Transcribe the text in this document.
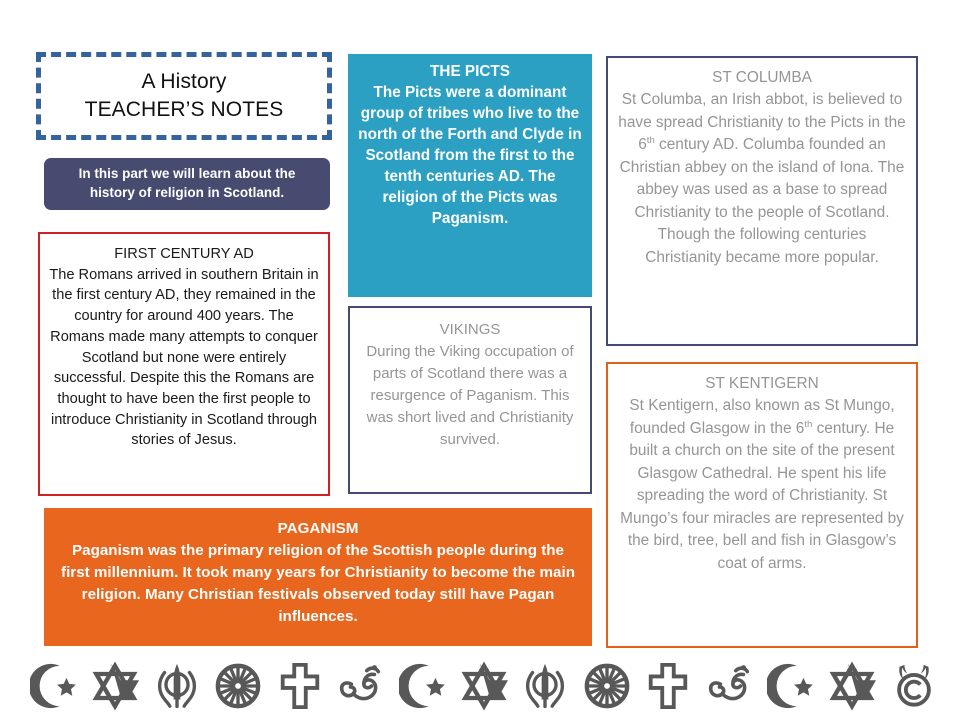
A History
TEACHER’S NOTES
In this part we will learn about the history of religion in Scotland.
FIRST CENTURY AD
The Romans arrived in southern Britain in the first century AD, they remained in the country for around 400 years. The Romans made many attempts to conquer Scotland but none were entirely successful. Despite this the Romans are thought to have been the first people to introduce Christianity in Scotland through stories of Jesus.
THE PICTS
The Picts were a dominant group of tribes who live to the north of the Forth and Clyde in Scotland from the first to the tenth centuries AD. The religion of the Picts was Paganism.
VIKINGS
During the Viking occupation of parts of Scotland there was a resurgence of Paganism. This was short lived and Christianity survived.
ST COLUMBA
St Columba, an Irish abbot, is believed to have spread Christianity to the Picts in the 6th century AD. Columba founded an Christian abbey on the island of Iona. The abbey was used as a base to spread Christianity to the people of Scotland. Though the following centuries Christianity became more popular.
ST KENTIGERN
St Kentigern, also known as St Mungo, founded Glasgow in the 6th century. He built a church on the site of the present Glasgow Cathedral. He spent his life spreading the word of Christianity. St Mungo’s four miracles are represented by the bird, tree, bell and fish in Glasgow’s coat of arms.
PAGANISM
Paganism was the primary religion of the Scottish people during the first millennium. It took many years for Christianity to become the main religion. Many Christian festivals observed today still have Pagan influences.
